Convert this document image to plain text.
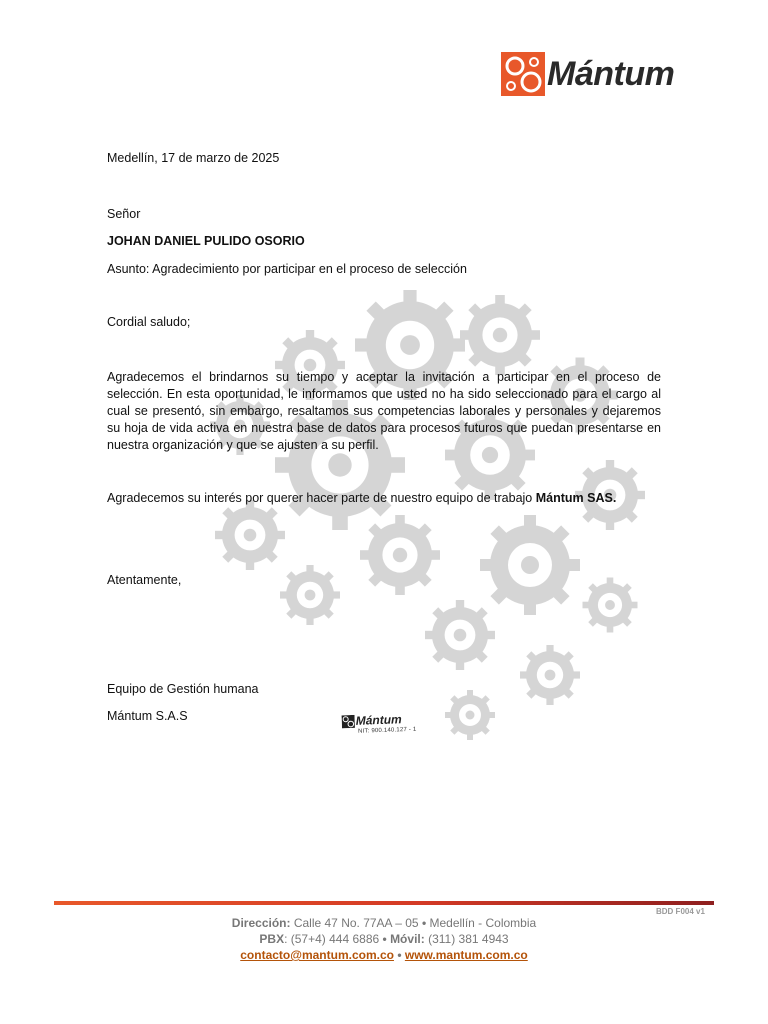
Mántum
Medellín, 17 de marzo de 2025
Señor
JOHAN DANIEL PULIDO OSORIO
Asunto: Agradecimiento por participar en el proceso de selección
Cordial saludo;
Agradecemos el brindarnos su tiempo y aceptar la invitación a participar en el proceso de selección. En esta oportunidad, le informamos que usted no ha sido seleccionado para el cargo al cual se presentó, sin embargo, resaltamos sus competencias laborales y personales y dejaremos su hoja de vida activa en nuestra base de datos para procesos futuros que puedan presentarse en nuestra organización y que se ajusten a su perfil.
Agradecemos su interés por querer hacer parte de nuestro equipo de trabajo Mántum SAS.
Atentamente,
Equipo de Gestión humana
Mántum S.A.S	Mántum
NIT: 900.140.127 - 1
BDD F004 v1
Dirección: Calle 47 No. 77AA – 05 • Medellín - Colombia
PBX: (57+4) 444 6886 • Móvil: (311) 381 4943
contacto@mantum.com.co • www.mantum.com.co
